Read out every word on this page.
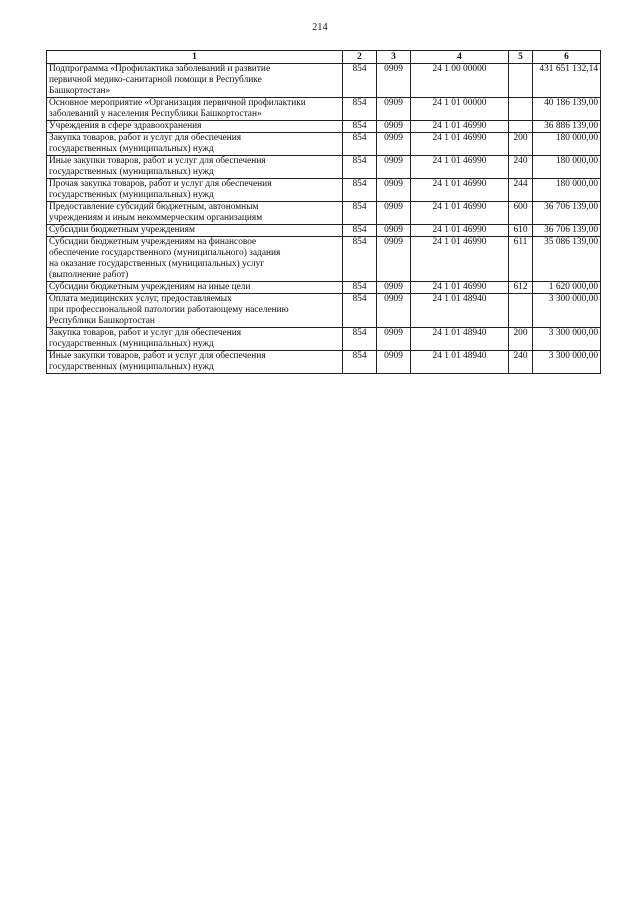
214
1	2	3	4	5	6
Подпрограмма «Профилактика заболеваний и развитие
первичной медико-санитарной помощи в Республике
Башкортостан»	854	0909	24 1 00 00000		431 651 132,14
Основное мероприятие «Организация первичной профилактики
заболеваний у населения Республики Башкортостан»	854	0909	24 1 01 00000		40 186 139,00
Учреждения в сфере здравоохранения	854	0909	24 1 01 46990		36 886 139,00
Закупка товаров, работ и услуг для обеспечения
государственных (муниципальных) нужд	854	0909	24 1 01 46990	200	180 000,00
Иные закупки товаров, работ и услуг для обеспечения
государственных (муниципальных) нужд	854	0909	24 1 01 46990	240	180 000,00
Прочая закупка товаров, работ и услуг для обеспечения
государственных (муниципальных) нужд	854	0909	24 1 01 46990	244	180 000,00
Предоставление субсидий бюджетным, автономным
учреждениям и иным некоммерческим организациям	854	0909	24 1 01 46990	600	36 706 139,00
Субсидии бюджетным учреждениям	854	0909	24 1 01 46990	610	36 706 139,00
Субсидии бюджетным учреждениям на финансовое
обеспечение государственного (муниципального) задания
на оказание государственных (муниципальных) услуг
(выполнение работ)	854	0909	24 1 01 46990	611	35 086 139,00
Субсидии бюджетным учреждениям на иные цели	854	0909	24 1 01 46990	612	1 620 000,00
Оплата медицинских услуг, предоставляемых
при профессиональной патологии работающему населению
Республики Башкортостан	854	0909	24 1 01 48940		3 300 000,00
Закупка товаров, работ и услуг для обеспечения
государственных (муниципальных) нужд	854	0909	24 1 01 48940	200	3 300 000,00
Иные закупки товаров, работ и услуг для обеспечения
государственных (муниципальных) нужд	854	0909	24 1 01 48940	240	3 300 000,00
